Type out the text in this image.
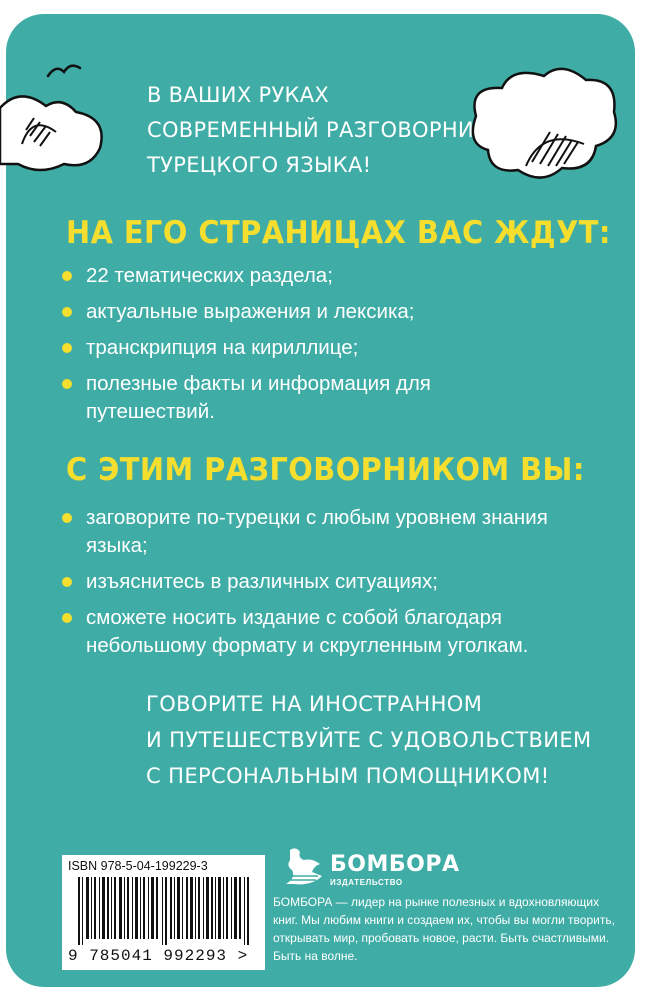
В ВАШИХ РУКАХ
СОВРЕМЕННЫЙ РАЗГОВОРНИК
ТУРЕЦКОГО ЯЗЫКА!
НА ЕГО СТРАНИЦАХ ВАС ЖДУТ:
22 тематических раздела;
актуальные выражения и лексика;
транскрипция на кириллице;
полезные факты и информация для путешествий.
С ЭТИМ РАЗГОВОРНИКОМ ВЫ:
заговорите по-турецки с любым уровнем знания языка;
изъяснитесь в различных ситуациях;
сможете носить издание с собой благодаря небольшому формату и скругленным уголкам.
ГОВОРИТЕ НА ИНОСТРАННОМ
И ПУТЕШЕСТВУЙТЕ С УДОВОЛЬСТВИЕМ
С ПЕРСОНАЛЬНЫМ ПОМОЩНИКОМ!
ISBN 978-5-04-199229-3
9 785041 992293 >
БОМБОРА
ИЗДАТЕЛЬСТВО
БОМБОРА — лидер на рынке полезных и вдохновляющих книг. Мы любим книги и создаем их, чтобы вы могли творить, открывать мир, пробовать новое, расти. Быть счастливыми. Быть на волне.
